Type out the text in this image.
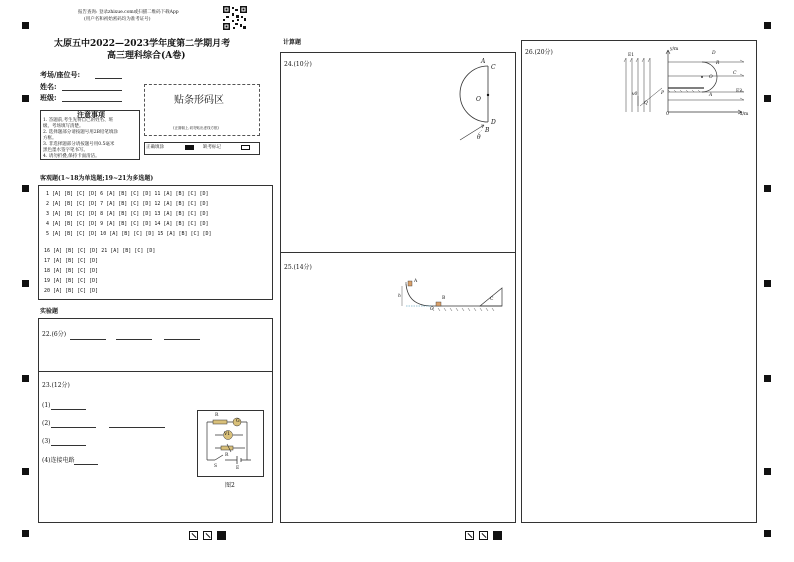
报告查询: 登录zhixue.com或扫描二维码下载App
(用户名和初始密码均为准考证号)
太原五中2022—2023学年度第二学期月考
高三理科综合(A卷)
考场/座位号:
姓名:
班级:
注意事项
1. 答题前,考生先将自己的姓名、班
级、考场填写清楚。
2. 选择题部分请按题号用2B铅笔填涂
方框。
3. 非选择题部分请按题号用0.5毫米
黑色墨水签字笔书写。
4. 请勿折叠,保持卡面清洁。
贴条形码区
(正面朝上,切勿贴出虚线方框)
正确填涂	缺考标记
客观题(1~18为单选题;19~21为多选题)
1 [A] [B] [C] [D] 6 [A] [B] [C] [D] 11 [A] [B] [C] [D]
2 [A] [B] [C] [D] 7 [A] [B] [C] [D] 12 [A] [B] [C] [D]
3 [A] [B] [C] [D] 8 [A] [B] [C] [D] 13 [A] [B] [C] [D]
4 [A] [B] [C] [D] 9 [A] [B] [C] [D] 14 [A] [B] [C] [D]
5 [A] [B] [C] [D] 10 [A] [B] [C] [D] 15 [A] [B] [C] [D]
16 [A] [B] [C] [D] 21 [A] [B] [C] [D]
17 [A] [B] [C] [D]
18 [A] [B] [C] [D]
19 [A] [B] [C] [D]
20 [A] [B] [C] [D]
实验题
22.(6分)
23.(12分)
(1)
(2)
(3)
(4)连接电路
R
G
V1
R
S	E
图2
计算题
24.(10分)	A
C
O
D
B
θ
25.(14分)
A
h	B
O
C
26.(20分)	E1
y/m
D
R
C
O
A
E2
v0
Q
P
0	x/m
